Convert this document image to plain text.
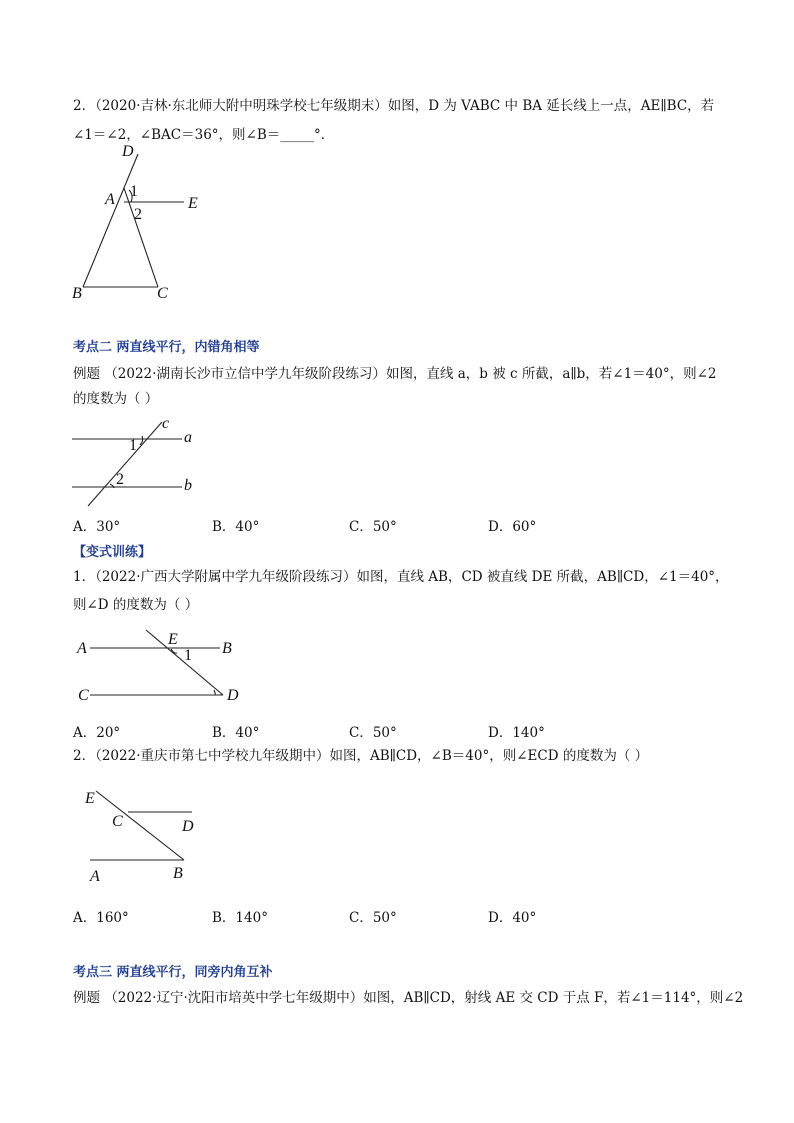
2．（2020·吉林·东北师大附中明珠学校七年级期末）如图，D 为 VABC 中 BA 延长线上一点，AE∥BC，若
∠1＝∠2，∠BAC＝36°，则∠B＝_____°．
D
A	E
B	C
1
2
考点二 两直线平行，内错角相等
例题 （2022·湖南长沙市立信中学九年级阶段练习）如图，直线 a，b 被 c 所截，a∥b，若∠1＝40°，则∠2
的度数为（ ）
c
a
b
1
2
A．30°	B．40°	C．50°	D．60°
【变式训练】
1．（2022·广西大学附属中学九年级阶段练习）如图，直线 AB，CD 被直线 DE 所截，AB∥CD，∠1＝40°，
则∠D 的度数为（ ）
A
E
B
C	D
1
A．20°	B．40°	C．50°	D．140°
2．（2022·重庆市第七中学校九年级期中）如图，AB∥CD，∠B＝40°，则∠ECD 的度数为（ ）
E
C	D
A	B
A．160°	B．140°	C．50°	D．40°
考点三 两直线平行，同旁内角互补
例题 （2022·辽宁·沈阳市培英中学七年级期中）如图，AB∥CD，射线 AE 交 CD 于点 F，若∠1＝114°，则∠2
